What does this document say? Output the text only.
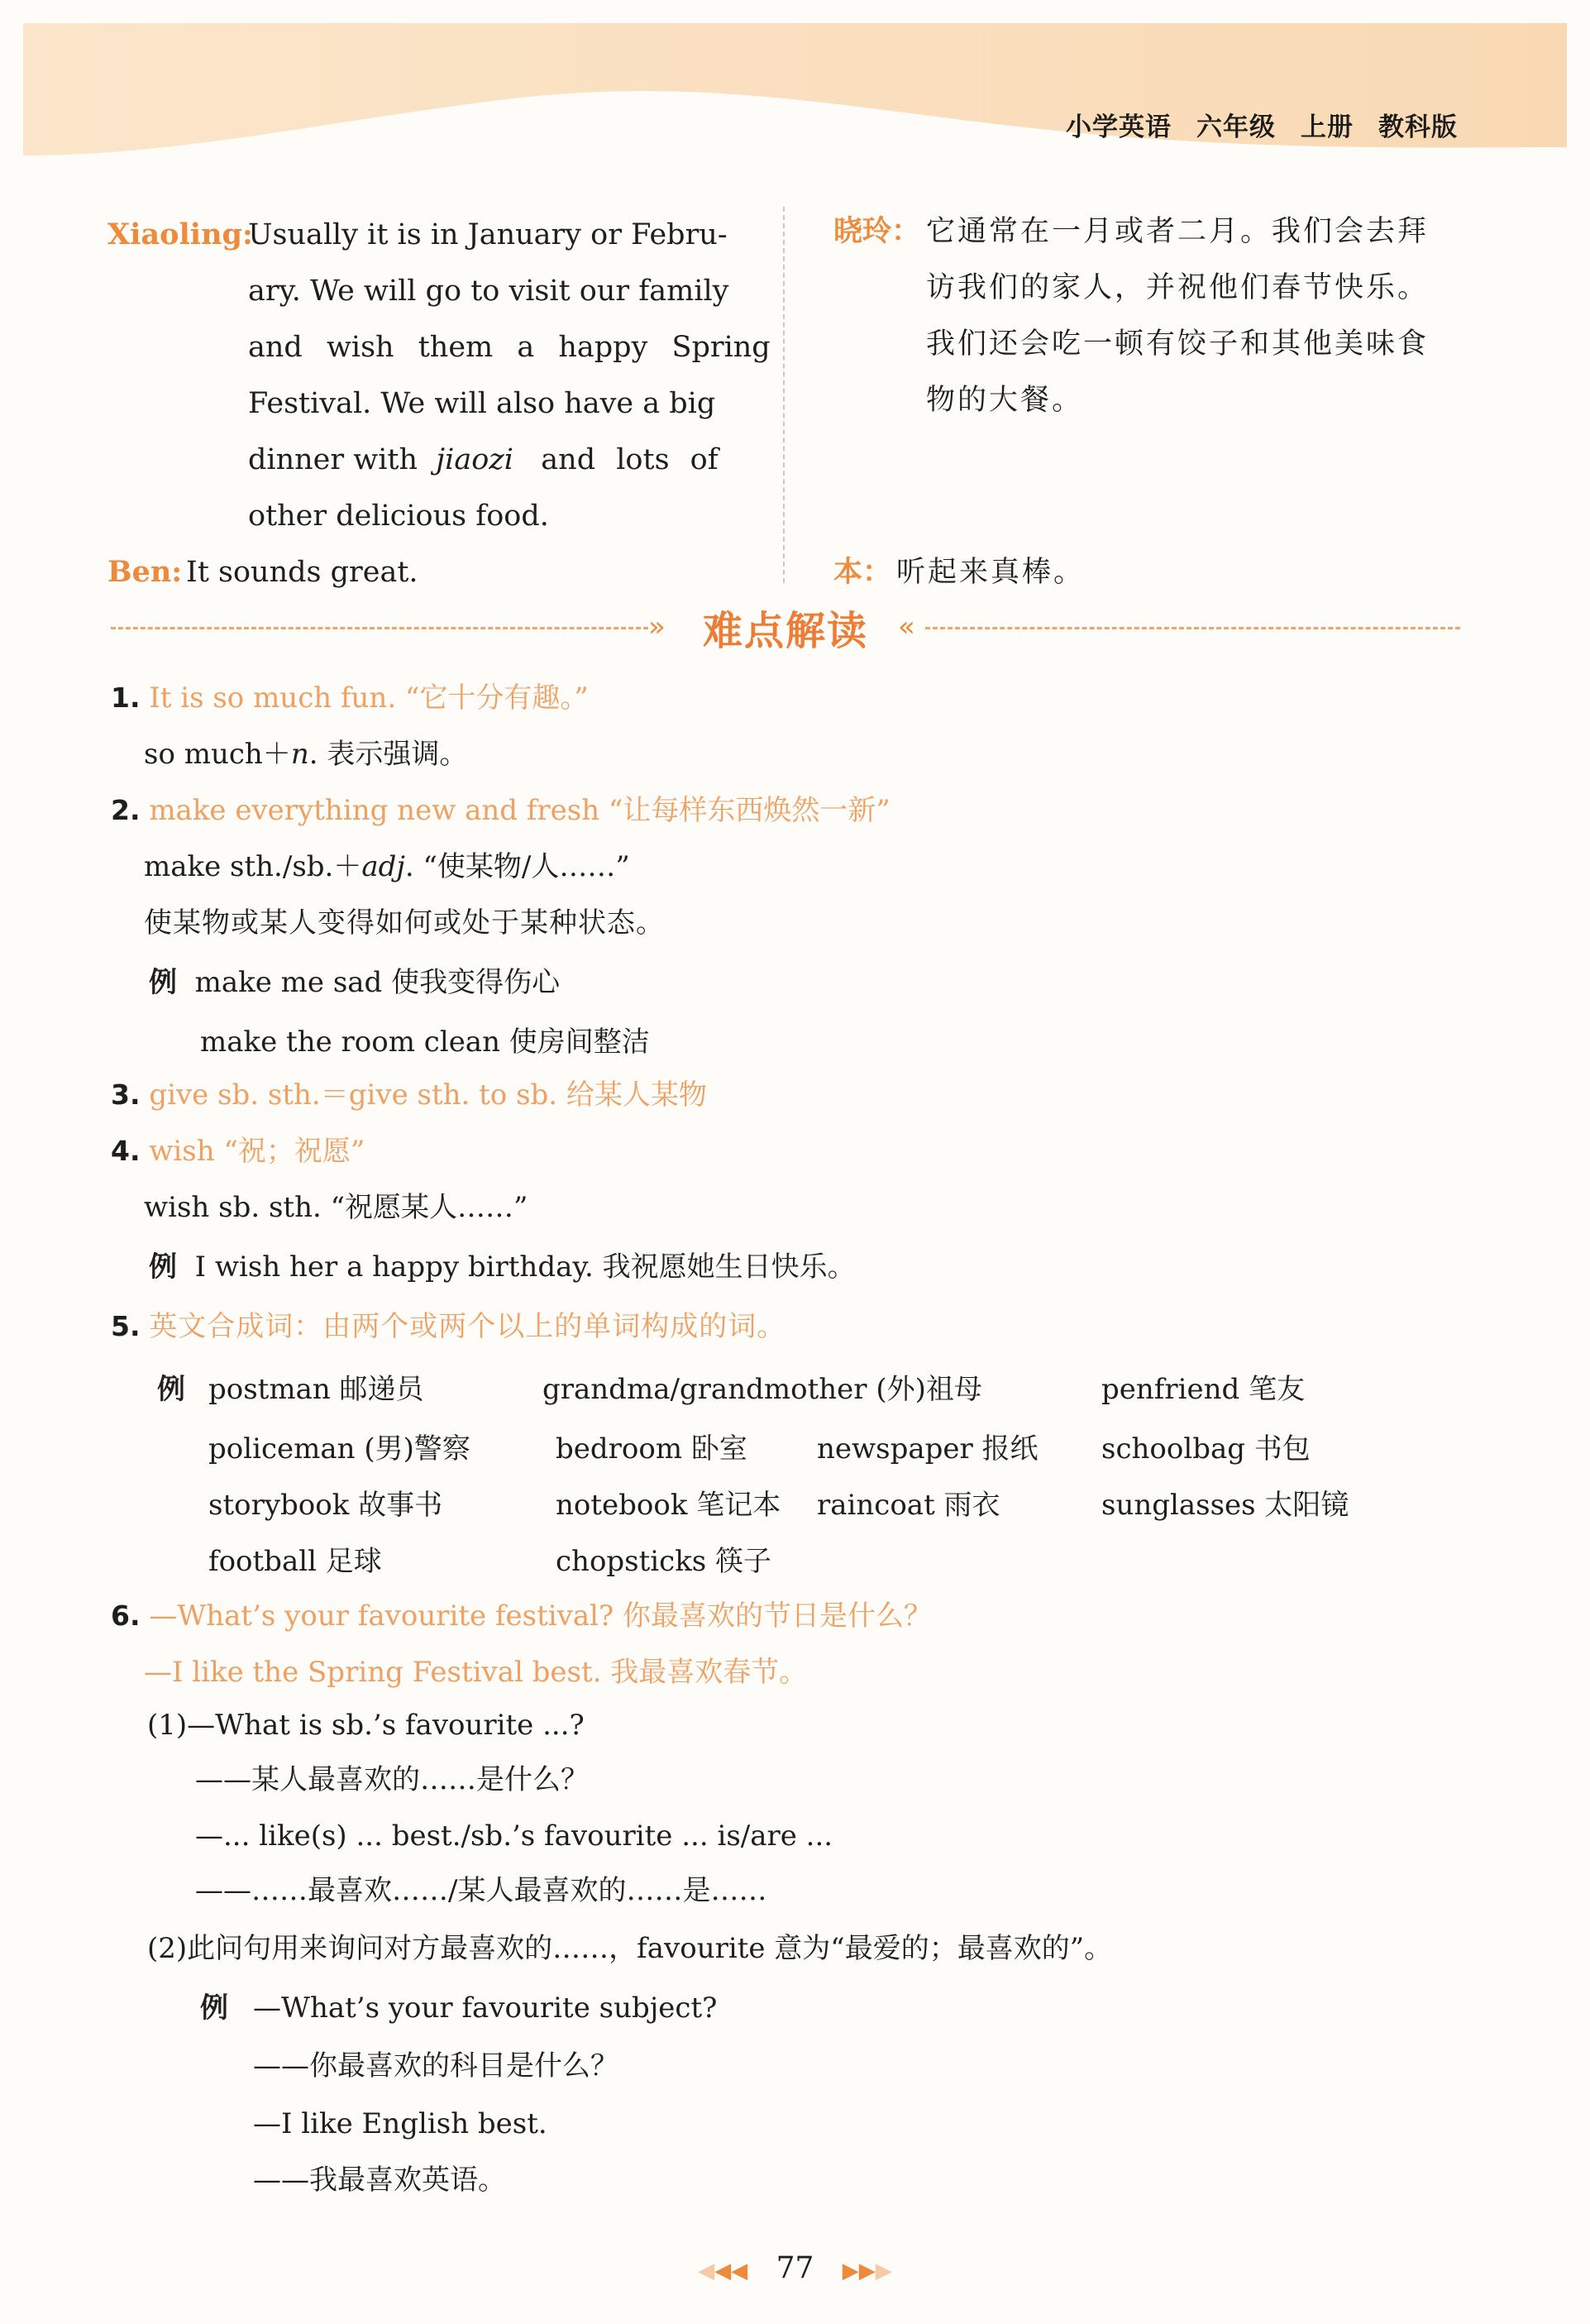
小学英语 六年级 上册 教科版
Xiaoling:
Usually it is in January or Febru-
ary. We will go to visit our family
and wish them a happy Spring
Festival. We will also have a big
dinner with jiaozi and lots of
other delicious food.
Ben: It sounds great.
晓玲： 它通常在一月或者二月。我们会去拜
访我们的家人，并祝他们春节快乐。
我们还会吃一顿有饺子和其他美味食
物的大餐。
本： 听起来真棒。
» 难点解读	«
1. It is so much fun. “它十分有趣。”
so much＋n. 表示强调。
2. make everything new and fresh “让每样东西焕然一新”
make sth./sb.＋adj. “使某物/人……”
使某物或某人变得如何或处于某种状态。
例 make me sad 使我变得伤心
make the room clean 使房间整洁
3. give sb. sth.＝give sth. to sb. 给某人某物
4. wish “祝；祝愿”
wish sb. sth. “祝愿某人……”
例 I wish her a happy birthday. 我祝愿她生日快乐。
5. 英文合成词：由两个或两个以上的单词构成的词。
例 postman 邮递员	grandma/grandmother (外)祖母	penfriend 笔友
policeman (男)警察	bedroom 卧室 newspaper 报纸 schoolbag 书包
storybook 故事书	notebook 笔记本 raincoat 雨衣	sunglasses 太阳镜
football 足球	chopsticks 筷子
6. —What’s your favourite festival? 你最喜欢的节日是什么？
—I like the Spring Festival best. 我最喜欢春节。
(1)—What is sb.’s favourite ...?
——某人最喜欢的……是什么？
—... like(s) ... best./sb.’s favourite ... is/are ...
——……最喜欢……/某人最喜欢的……是……
(2)此问句用来询问对方最喜欢的……，favourite 意为“最爱的；最喜欢的”。
例 —What’s your favourite subject?
——你最喜欢的科目是什么？
—I like English best.
——我最喜欢英语。
◀◀◀ 77 ▶▶▶
